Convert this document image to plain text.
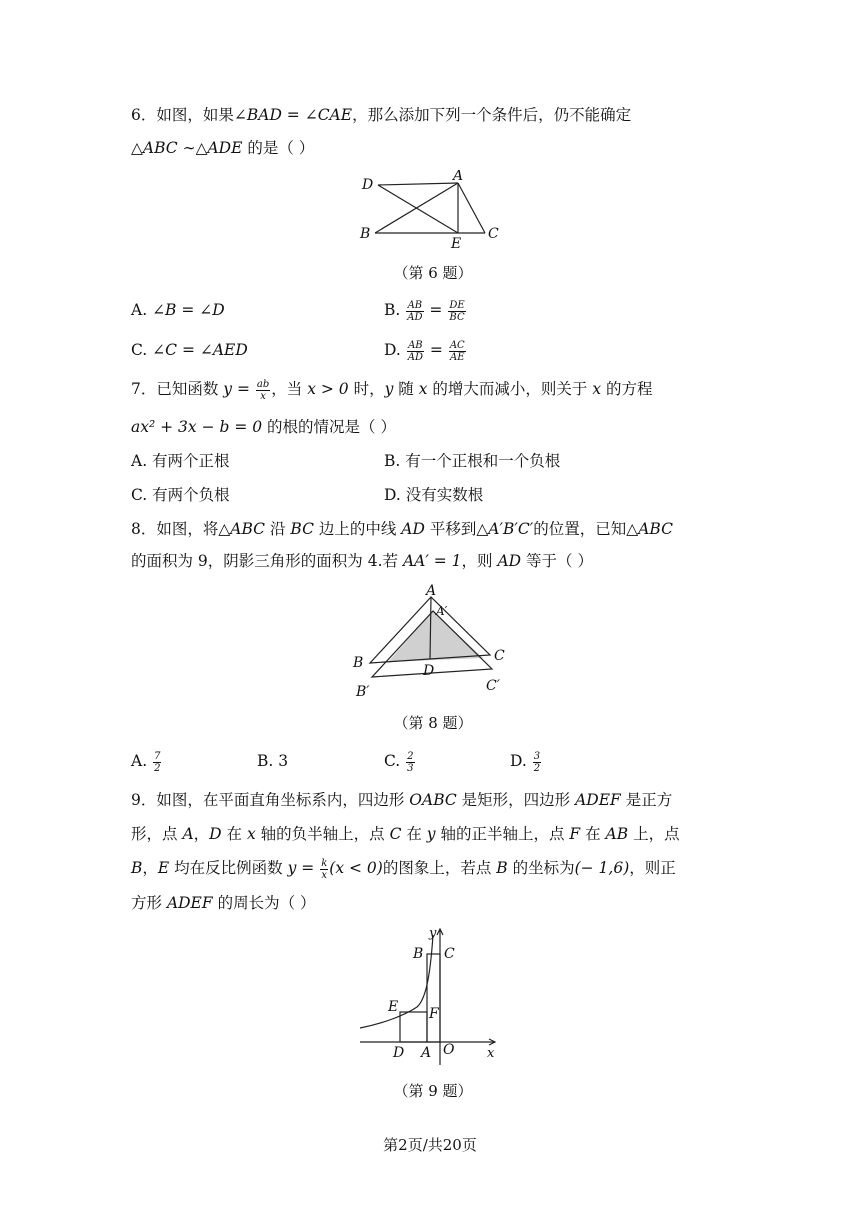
6．如图，如果∠BAD = ∠CAE，那么添加下列一个条件后，仍不能确定
△ABC ∼△ADE 的是（ ）
D
A
B
E
C
（第 6 题）
A. ∠B = ∠D	B. $\frac{AB}{AD} = \frac{DE}{BC}$
C. ∠C = ∠AED	D. $\frac{AB}{AD} = \frac{AC}{AE}$
7．已知函数 $y = \frac{ab}{x}$ ，当 x > 0 时，y 随 x 的增大而减小，则关于 x 的方程
ax² + 3x − b = 0 的根的情况是（ ）
A. 有两个正根	B. 有一个正根和一个负根
C. 有两个负根	D. 没有实数根
8．如图，将△ABC 沿 BC 边上的中线 AD 平移到△A′B′C′的位置，已知△ABC
的面积为 9，阴影三角形的面积为 4.若 AA′ = 1，则 AD 等于（ ）
A
A′
B	C
D
B′	C′
（第 8 题）
A. $\frac{7}{2}$	B. 3	C. $\frac{2}{3}$	D. $\frac{3}{2}$
9．如图，在平面直角坐标系内，四边形 OABC 是矩形，四边形 ADEF 是正方
形，点 A，D 在 x 轴的负半轴上，点 C 在 y 轴的正半轴上，点 F 在 AB 上，点
B，E 均在反比例函数 $y = \frac{k}{x} (x < 0)$的图象上，若点 B 的坐标为(− 1,6)，则正
方形 ADEF 的周长为（ ）
y
B C
E F
D A O	x
（第 9 题）
第2页/共20页
